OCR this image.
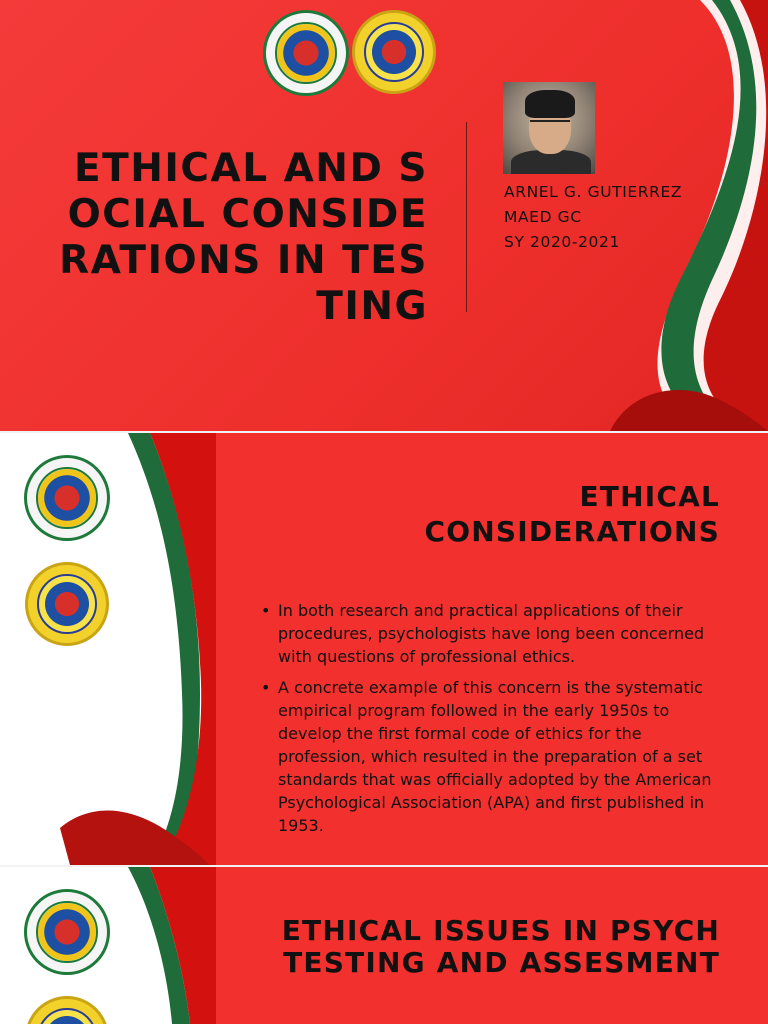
ETHICAL AND SOCIAL CONSIDERATIONS IN TESTING
ARNEL G. GUTIERREZ
MAED GC
SY 2020-2021
ETHICAL CONSIDERATIONS
• In both research and practical applications of their procedures, psychologists have long been concerned with questions of professional ethics.
• A concrete example of this concern is the systematic empirical program followed in the early 1950s to develop the first formal code of ethics for the profession, which resulted in the preparation of a set standards that was officially adopted by the American Psychological Association (APA) and first published in 1953.
ETHICAL ISSUES IN PSYCH
TESTING AND ASSESMENT
